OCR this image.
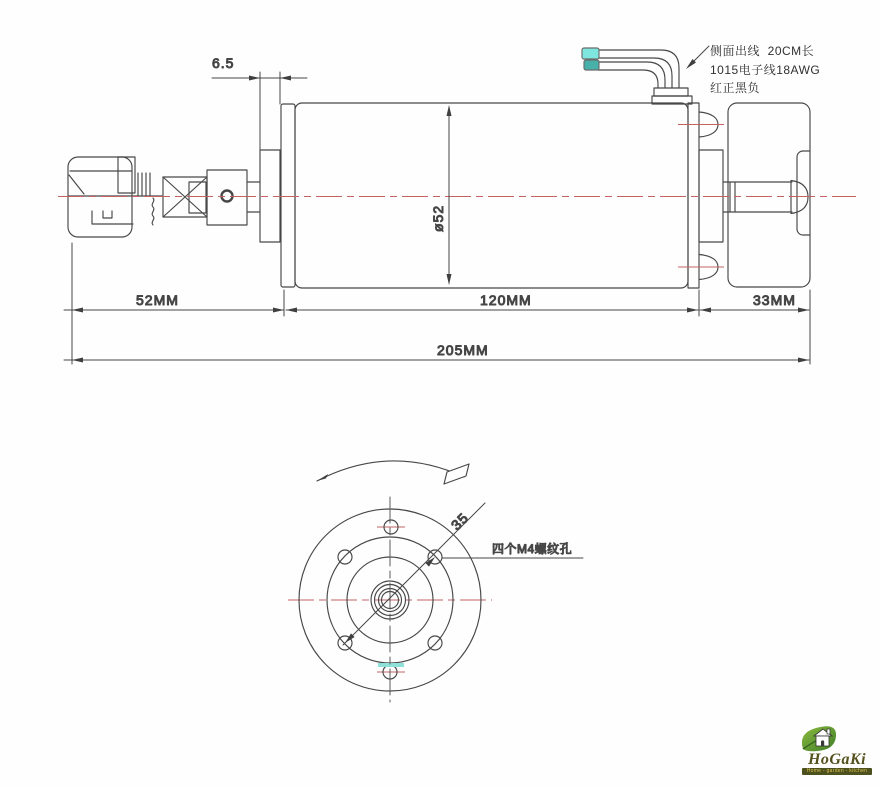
6.5
ø52
52MM	120MM	33MM
205MM
侧面出线  20CM长
1015电子线18AWG
红正黑负
35
四个M4螺纹孔
HoGaKi
Home - garden - kitchen
